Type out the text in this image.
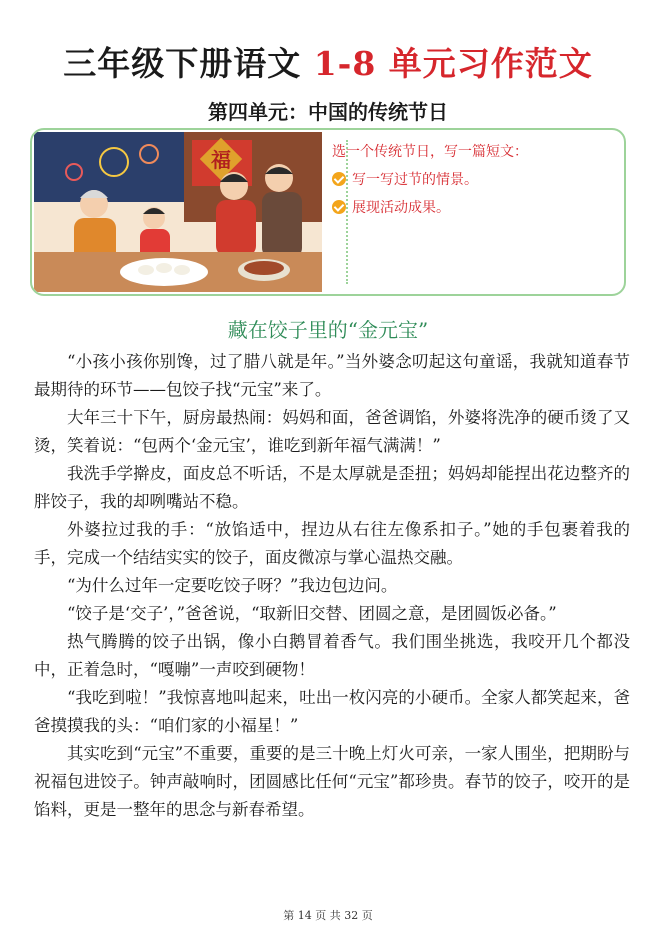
三年级下册语文 1-8 单元习作范文
第四单元：中国的传统节日
福	选一个传统节日，写一篇短文：
写一写过节的情景。
展现活动成果。
藏在饺子里的“金元宝”

“小孩小孩你别馋，过了腊八就是年。”当外婆念叨起这句童谣，我就知道春节最期待的环节——包饺子找“元宝”来了。

大年三十下午，厨房最热闹：妈妈和面，爸爸调馅，外婆将洗净的硬币烫了又烫，笑着说：“包两个‘金元宝’，谁吃到新年福气满满！”

我洗手学擀皮，面皮总不听话，不是太厚就是歪扭；妈妈却能捏出花边整齐的胖饺子，我的却咧嘴站不稳。

外婆拉过我的手：“放馅适中，捏边从右往左像系扣子。”她的手包裹着我的手，完成一个结结实实的饺子，面皮微凉与掌心温热交融。

“为什么过年一定要吃饺子呀？”我边包边问。

“饺子是‘交子’，”爸爸说，“取新旧交替、团圆之意，是团圆饭必备。”

热气腾腾的饺子出锅，像小白鹅冒着香气。我们围坐挑选，我咬开几个都没中，正着急时，“嘎嘣”一声咬到硬物！

“我吃到啦！”我惊喜地叫起来，吐出一枚闪亮的小硬币。全家人都笑起来，爸爸摸摸我的头：“咱们家的小福星！”

其实吃到“元宝”不重要，重要的是三十晚上灯火可亲，一家人围坐，把期盼与祝福包进饺子。钟声敲响时，团圆感比任何“元宝”都珍贵。春节的饺子，咬开的是馅料，更是一整年的思念与新春希望。

第 14 页 共 32 页
